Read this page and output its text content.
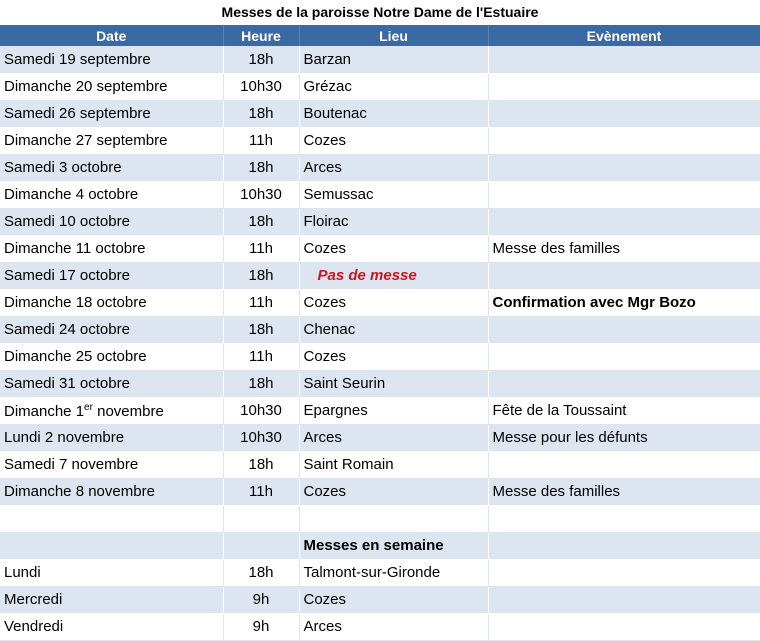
Messes de la paroisse Notre Dame de l'Estuaire
Date	Heure	Lieu	Evènement
Samedi 19 septembre	18h	Barzan	
Dimanche 20 septembre	10h30	Grézac	
Samedi 26 septembre	18h	Boutenac	
Dimanche 27 septembre	11h	Cozes	
Samedi 3 octobre	18h	Arces	
Dimanche 4 octobre	10h30	Semussac	
Samedi 10 octobre	18h	Floirac	
Dimanche 11 octobre	11h	Cozes	Messe des familles
Samedi 17 octobre	18h	Pas de messe	
Dimanche 18 octobre	11h	Cozes	Confirmation avec Mgr Bozo
Samedi 24 octobre	18h	Chenac	
Dimanche 25 octobre	11h	Cozes	
Samedi 31 octobre	18h	Saint Seurin	
Dimanche 1er novembre	10h30	Epargnes	Fête de la Toussaint
Lundi 2 novembre	10h30	Arces	Messe pour les défunts
Samedi 7 novembre	18h	Saint Romain	
Dimanche 8 novembre	11h	Cozes	Messe des familles

		Messes en semaine	
Lundi	18h	Talmont-sur-Gironde	
Mercredi	9h	Cozes	
Vendredi	9h	Arces	
